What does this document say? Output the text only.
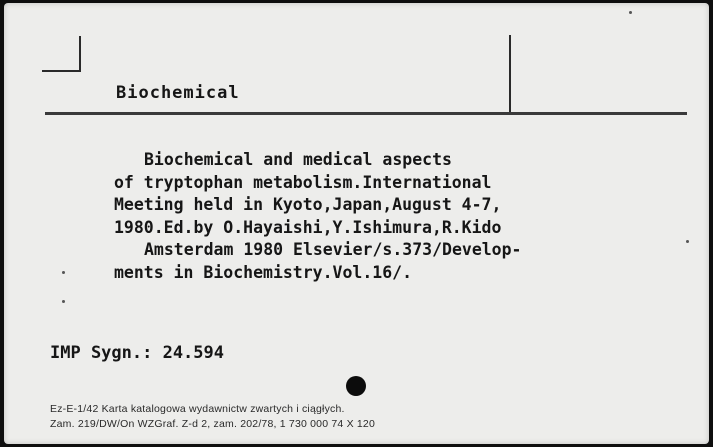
Biochemical
Biochemical and medical aspects
of tryptophan metabolism.International
Meeting held in Kyoto,Japan,August 4-7,
1980.Ed.by O.Hayaishi,Y.Ishimura,R.Kido
Amsterdam 1980 Elsevier/s.373/Develop-
ments in Biochemistry.Vol.16/.
IMP Sygn.: 24.594
Ez-E-1/42 Karta katalogowa wydawnictw zwartych i ciągłych.
Zam. 219/DW/On WZGraf. Z-d 2, zam. 202/78, 1 730 000 74 X 120
